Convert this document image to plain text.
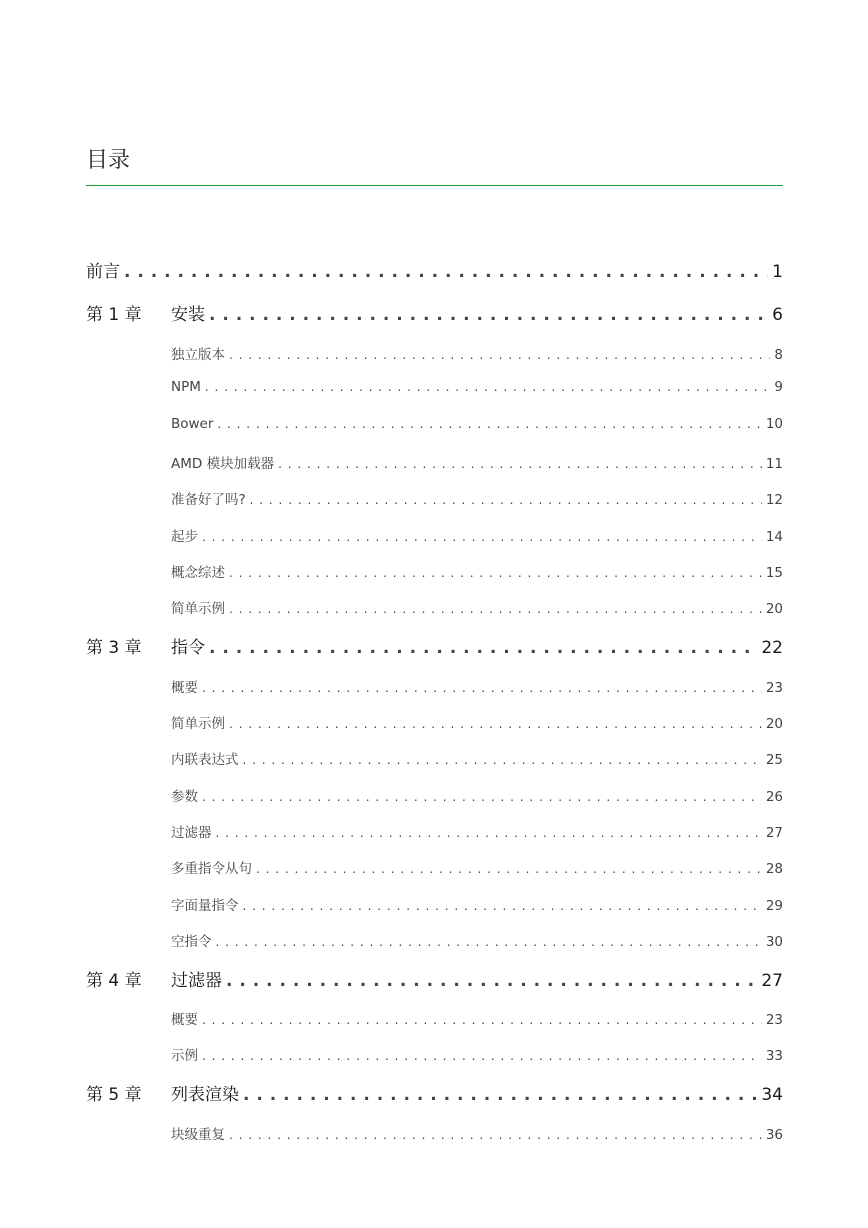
目录
前言 . . .	1
第 1 章	安装 . . .	6
独立版本 . . .	8
NPM . . .	9
Bower . . .	10
AMD 模块加载器 . . .	11
准备好了吗? . . .	12
起步 . . .	14
概念综述 . . .	15
简单示例 . . .	20
第 3 章	指令 . . .	22
概要 . . .	23
简单示例 . . .	20
内联表达式 . . .	25
参数 . . .	26
过滤器 . . .	27
多重指令从句 . . .	28
字面量指令 . . .	29
空指令 . . .	30
第 4 章	过滤器 . . .	27
概要 . . .	23
示例 . . .	33
第 5 章	列表渲染 . . .	34
块级重复 . . .	36
